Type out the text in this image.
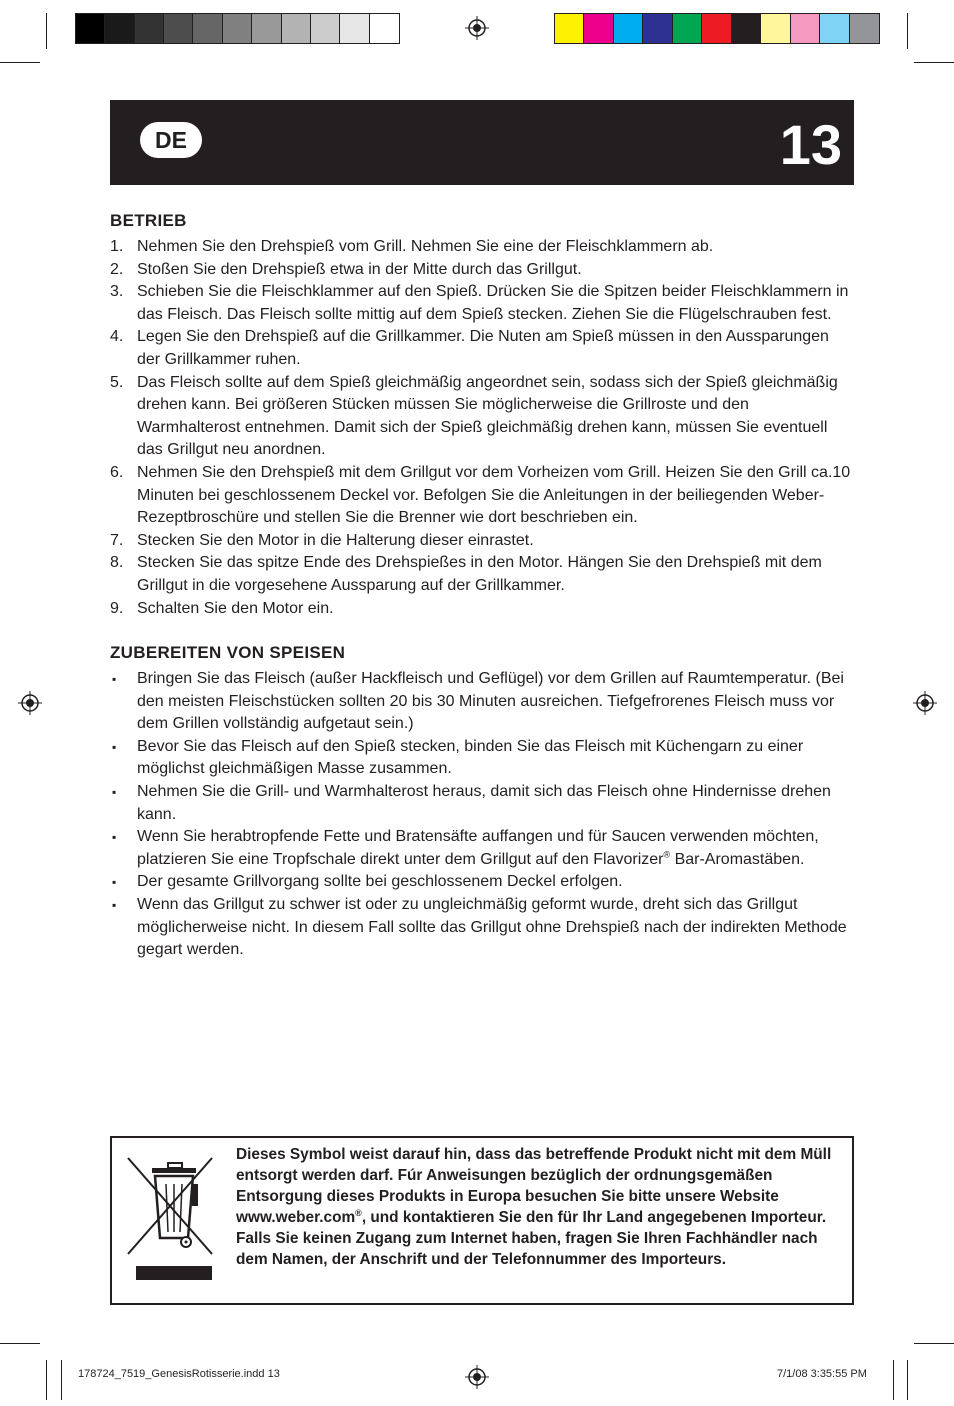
DE	13
BETRIEB
1. Nehmen Sie den Drehspieß vom Grill. Nehmen Sie eine der Fleischklammern ab.
2. Stoßen Sie den Drehspieß etwa in der Mitte durch das Grillgut.
3. Schieben Sie die Fleischklammer auf den Spieß. Drücken Sie die Spitzen beider Fleischklammern in das Fleisch. Das Fleisch sollte mittig auf dem Spieß stecken. Ziehen Sie die Flügelschrauben fest.
4. Legen Sie den Drehspieß auf die Grillkammer. Die Nuten am Spieß müssen in den Aussparungen der Grillkammer ruhen.
5. Das Fleisch sollte auf dem Spieß gleichmäßig angeordnet sein, sodass sich der Spieß gleichmäßig drehen kann. Bei größeren Stücken müssen Sie möglicherweise die Grillroste und den Warmhalterost entnehmen. Damit sich der Spieß gleichmäßig drehen kann, müssen Sie eventuell das Grillgut neu anordnen.
6. Nehmen Sie den Drehspieß mit dem Grillgut vor dem Vorheizen vom Grill. Heizen Sie den Grill ca.10 Minuten bei geschlossenem Deckel vor. Befolgen Sie die Anleitungen in der beiliegenden Weber-Rezeptbroschüre und stellen Sie die Brenner wie dort beschrieben ein.
7. Stecken Sie den Motor in die Halterung dieser einrastet.
8. Stecken Sie das spitze Ende des Drehspießes in den Motor. Hängen Sie den Drehspieß mit dem Grillgut in die vorgesehene Aussparung auf der Grillkammer.
9. Schalten Sie den Motor ein.
ZUBEREITEN VON SPEISEN
▪ Bringen Sie das Fleisch (außer Hackfleisch und Geflügel) vor dem Grillen auf Raumtemperatur. (Bei den meisten Fleischstücken sollten 20 bis 30 Minuten ausreichen. Tiefgefrorenes Fleisch muss vor dem Grillen vollständig aufgetaut sein.)
▪ Bevor Sie das Fleisch auf den Spieß stecken, binden Sie das Fleisch mit Küchengarn zu einer möglichst gleichmäßigen Masse zusammen.
▪ Nehmen Sie die Grill- und Warmhalterost heraus, damit sich das Fleisch ohne Hindernisse drehen kann.
▪ Wenn Sie herabtropfende Fette und Bratensäfte auffangen und für Saucen verwenden möchten, platzieren Sie eine Tropfschale direkt unter dem Grillgut auf den Flavorizer® Bar-Aromastäben.
▪ Der gesamte Grillvorgang sollte bei geschlossenem Deckel erfolgen.
▪ Wenn das Grillgut zu schwer ist oder zu ungleichmäßig geformt wurde, dreht sich das Grillgut möglicherweise nicht. In diesem Fall sollte das Grillgut ohne Drehspieß nach der indirekten Methode gegart werden.
Dieses Symbol weist darauf hin, dass das betreffende Produkt nicht mit dem Müll entsorgt werden darf. Fúr Anweisungen bezüglich der ordnungsgemäßen Entsorgung dieses Produkts in Europa besuchen Sie bitte unsere Website www.weber.com®, und kontaktieren Sie den für Ihr Land angegebenen Importeur. Falls Sie keinen Zugang zum Internet haben, fragen Sie Ihren Fachhändler nach dem Namen, der Anschrift und der Telefonnummer des Importeurs.
178724_7519_GenesisRotisserie.indd 13	7/1/08 3:35:55 PM
